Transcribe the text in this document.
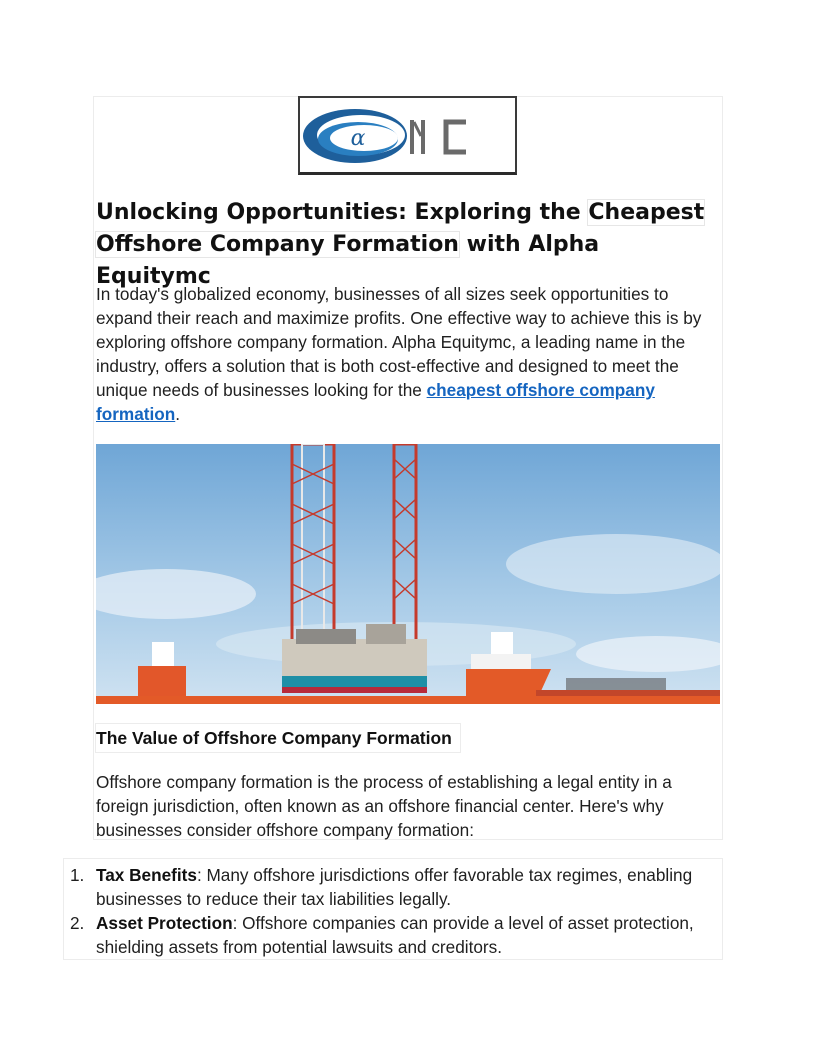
α
Unlocking Opportunities: Exploring the Cheapest
Offshore Company Formation with Alpha Equitymc

In today's globalized economy, businesses of all sizes seek opportunities to expand their reach and maximize profits. One effective way to achieve this is by exploring offshore company formation. Alpha Equitymc, a leading name in the industry, offers a solution that is both cost-effective and designed to meet the unique needs of businesses looking for the cheapest offshore company formation.

The Value of Offshore Company Formation

Offshore company formation is the process of establishing a legal entity in a foreign jurisdiction, often known as an offshore financial center. Here's why businesses consider offshore company formation:

1. Tax Benefits: Many offshore jurisdictions offer favorable tax regimes, enabling businesses to reduce their tax liabilities legally.
2. Asset Protection: Offshore companies can provide a level of asset protection, shielding assets from potential lawsuits and creditors.
